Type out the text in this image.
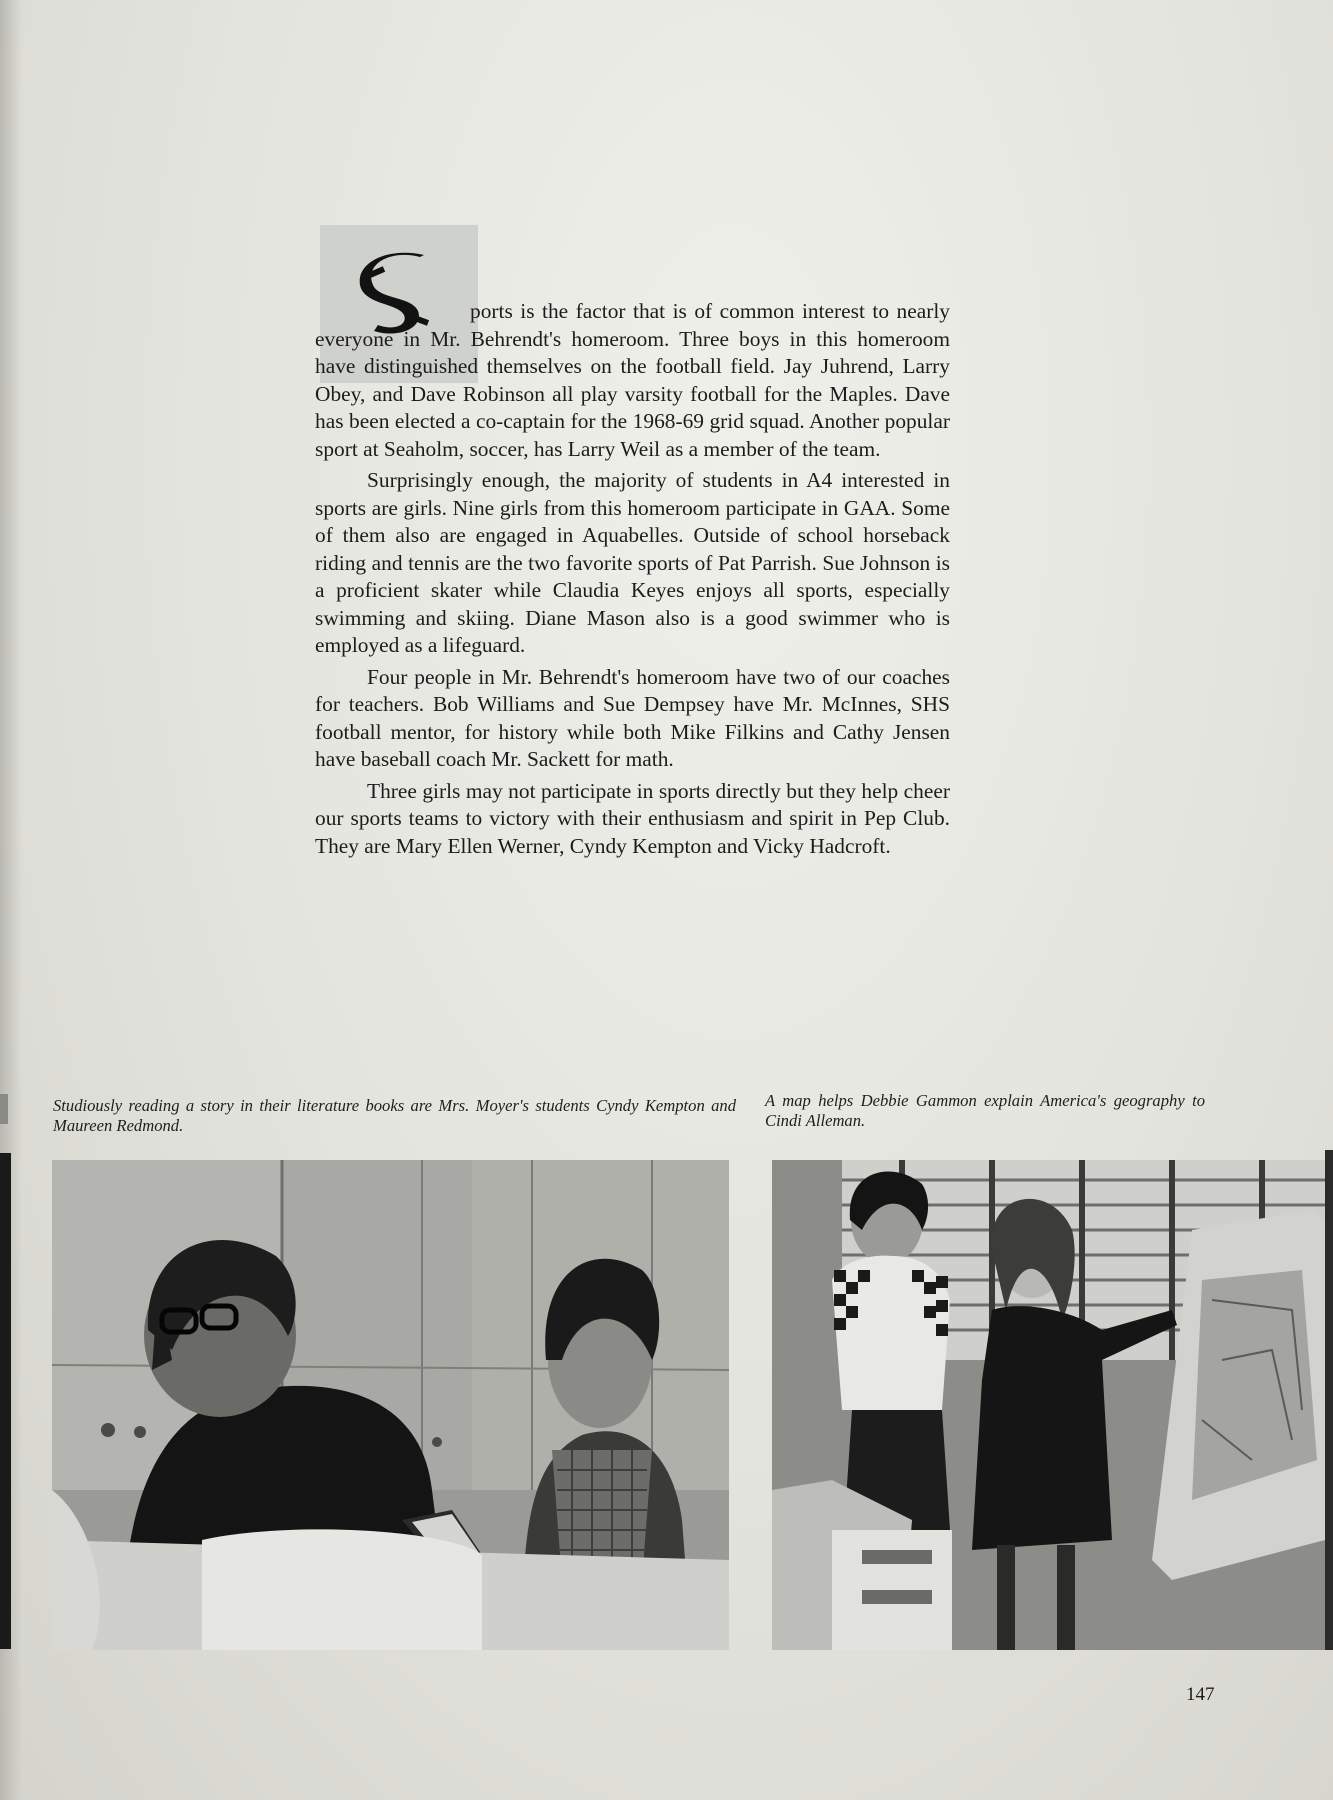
ports is the factor that is of common interest to nearly everyone in Mr. Behrendt's homeroom. Three boys in this homeroom have distinguished themselves on the football field. Jay Juhrend, Larry Obey, and Dave Robinson all play varsity football for the Maples. Dave has been elected a co-captain for the 1968-69 grid squad. Another popular sport at Seaholm, soccer, has Larry Weil as a member of the team.

Surprisingly enough, the majority of students in A4 interested in sports are girls. Nine girls from this homeroom participate in GAA. Some of them also are engaged in Aquabelles. Outside of school horseback riding and tennis are the two favorite sports of Pat Parrish. Sue Johnson is a proficient skater while Claudia Keyes enjoys all sports, especially swimming and skiing. Diane Mason also is a good swimmer who is employed as a lifeguard.

Four people in Mr. Behrendt's homeroom have two of our coaches for teachers. Bob Williams and Sue Dempsey have Mr. McInnes, SHS football mentor, for history while both Mike Filkins and Cathy Jensen have baseball coach Mr. Sackett for math.

Three girls may not participate in sports directly but they help cheer our sports teams to victory with their enthusiasm and spirit in Pep Club. They are Mary Ellen Werner, Cyndy Kempton and Vicky Hadcroft.

Studiously reading a story in their literature books are Mrs. Moyer's students Cyndy Kempton and Maureen Redmond.
A map helps Debbie Gammon explain America's geography to Cindi Alleman.
147
